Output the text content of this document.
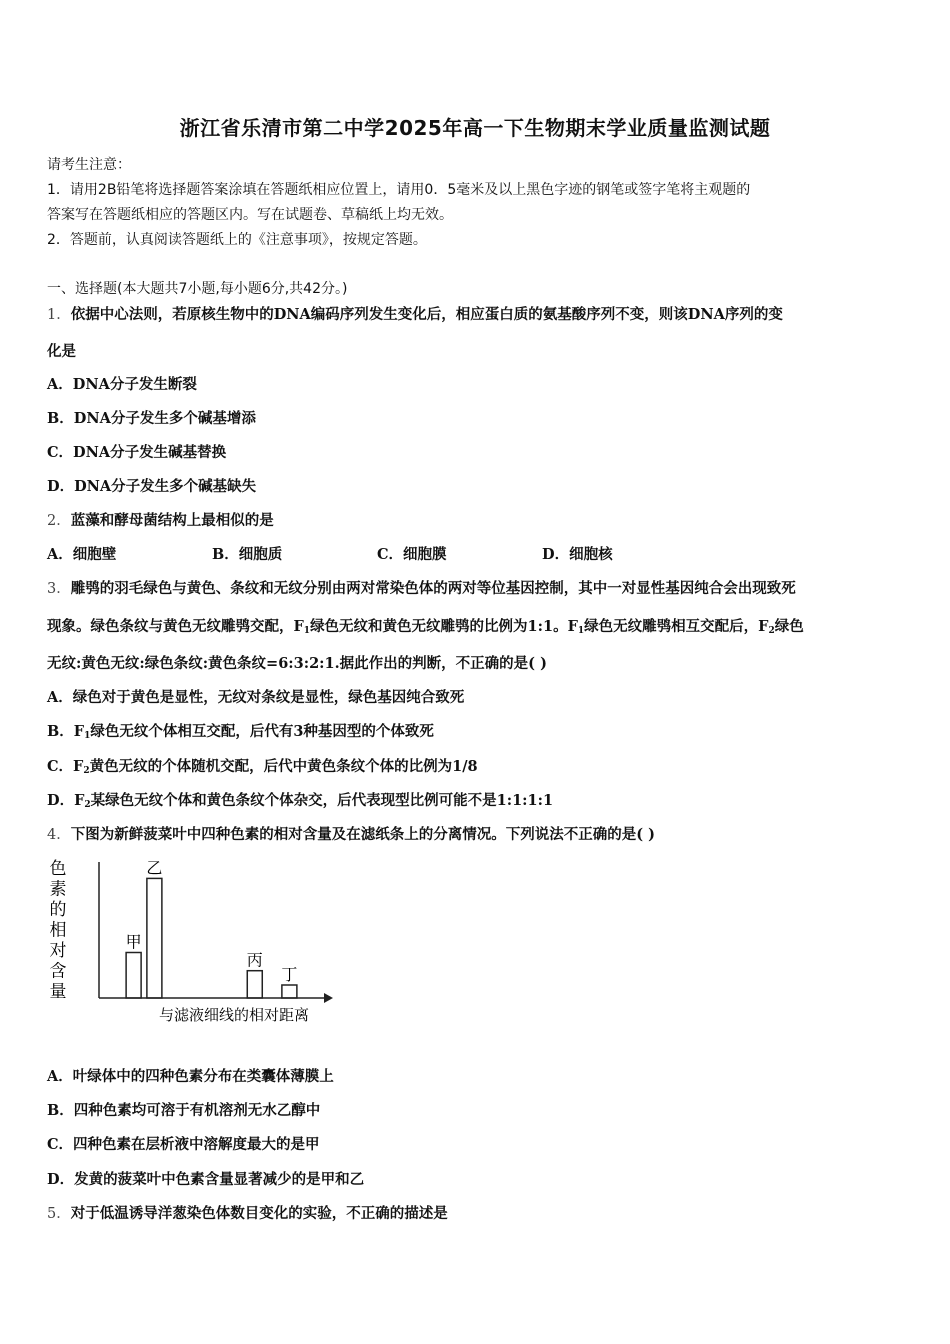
浙江省乐清市第二中学2025年高一下生物期末学业质量监测试题
请考生注意：
1．请用2B铅笔将选择题答案涂填在答题纸相应位置上，请用0．5毫米及以上黑色字迹的钢笔或签字笔将主观题的
答案写在答题纸相应的答题区内。写在试题卷、草稿纸上均无效。
2．答题前，认真阅读答题纸上的《注意事项》，按规定答题。
一、选择题(本大题共7小题,每小题6分,共42分。)
1．依据中心法则，若原核生物中的DNA编码序列发生变化后，相应蛋白质的氨基酸序列不变，则该DNA序列的变
化是
A．DNA分子发生断裂
B．DNA分子发生多个碱基增添
C．DNA分子发生碱基替换
D．DNA分子发生多个碱基缺失
2．蓝藻和酵母菌结构上最相似的是
A．细胞壁	B．细胞质	C．细胞膜	D．细胞核
3．雕鸮的羽毛绿色与黄色、条纹和无纹分别由两对常染色体的两对等位基因控制，其中一对显性基因纯合会出现致死
现象。绿色条纹与黄色无纹雕鸮交配，$F_1$绿色无纹和黄色无纹雕鸮的比例为1:1。$F_1$绿色无纹雕鸮相互交配后，$F_2$绿色
无纹:黄色无纹:绿色条纹:黄色条纹=6:3:2:1.据此作出的判断，不正确的是( )
A．绿色对于黄色是显性，无纹对条纹是显性，绿色基因纯合致死
B．$F_1$绿色无纹个体相互交配，后代有3种基因型的个体致死
C．$F_2$黄色无纹的个体随机交配，后代中黄色条纹个体的比例为1/8
D．$F_2$某绿色无纹个体和黄色条纹个体杂交，后代表现型比例可能不是1:1:1:1
4．下图为新鲜菠菜叶中四种色素的相对含量及在滤纸条上的分离情况。下列说法不正确的是( )
色
素
的
相
对
含
量
甲
乙
丙
丁
与滤液细线的相对距离
A．叶绿体中的四种色素分布在类囊体薄膜上
B．四种色素均可溶于有机溶剂无水乙醇中
C．四种色素在层析液中溶解度最大的是甲
D．发黄的菠菜叶中色素含量显著减少的是甲和乙
5．对于低温诱导洋葱染色体数目变化的实验，不正确的描述是
